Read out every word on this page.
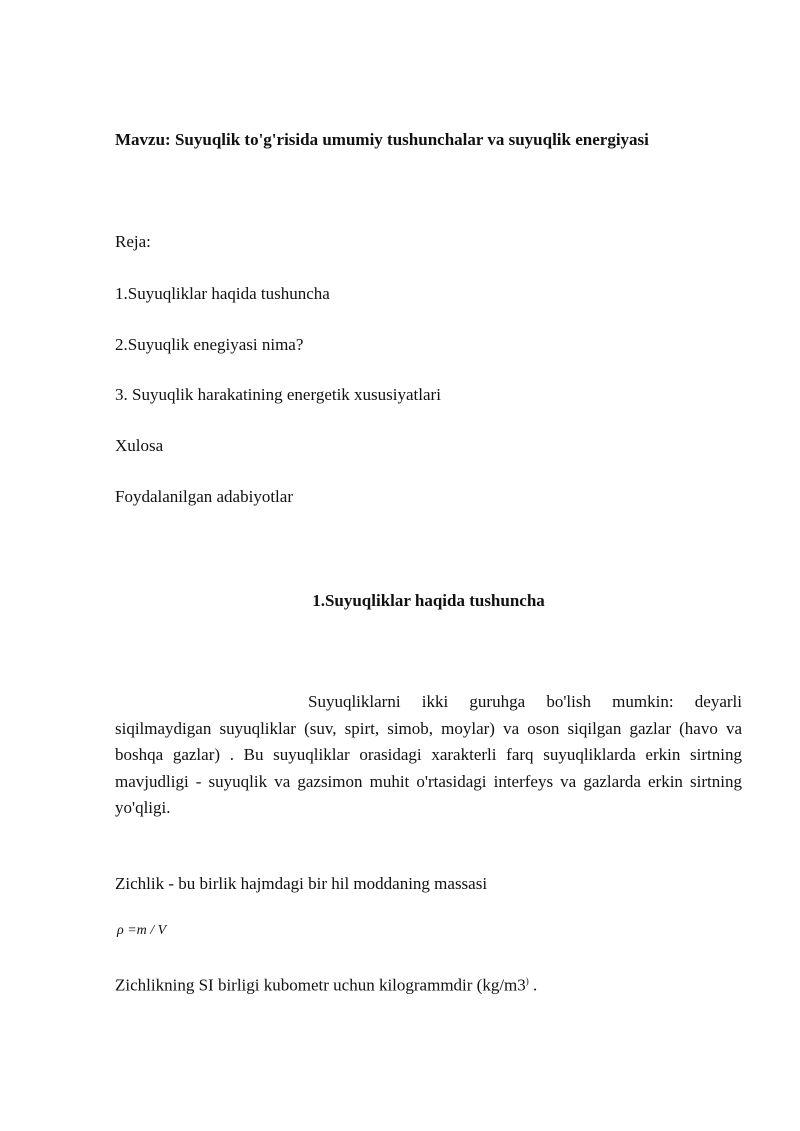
Mavzu: Suyuqlik to'g'risida umumiy tushunchalar va suyuqlik energiyasi
Reja:
1.Suyuqliklar haqida tushuncha
2.Suyuqlik enegiyasi nima?
3. Suyuqlik harakatining energetik xususiyatlari
Xulosa
Foydalanilgan adabiyotlar
1.Suyuqliklar haqida tushuncha

Suyuqliklarni ikki guruhga bo'lish mumkin: deyarli siqilmaydigan suyuqliklar (suv, spirt, simob, moylar) va oson siqilgan gazlar (havo va boshqa gazlar) . Bu suyuqliklar orasidagi xarakterli farq suyuqliklarda erkin sirtning mavjudligi - suyuqlik va gazsimon muhit o'rtasidagi interfeys va gazlarda erkin sirtning yo'qligi.

Zichlik - bu birlik hajmdagi bir hil moddaning massasi
ρ =m / V
Zichlikning SI birligi kubometr uchun kilogrammdir (kg/m3) .
